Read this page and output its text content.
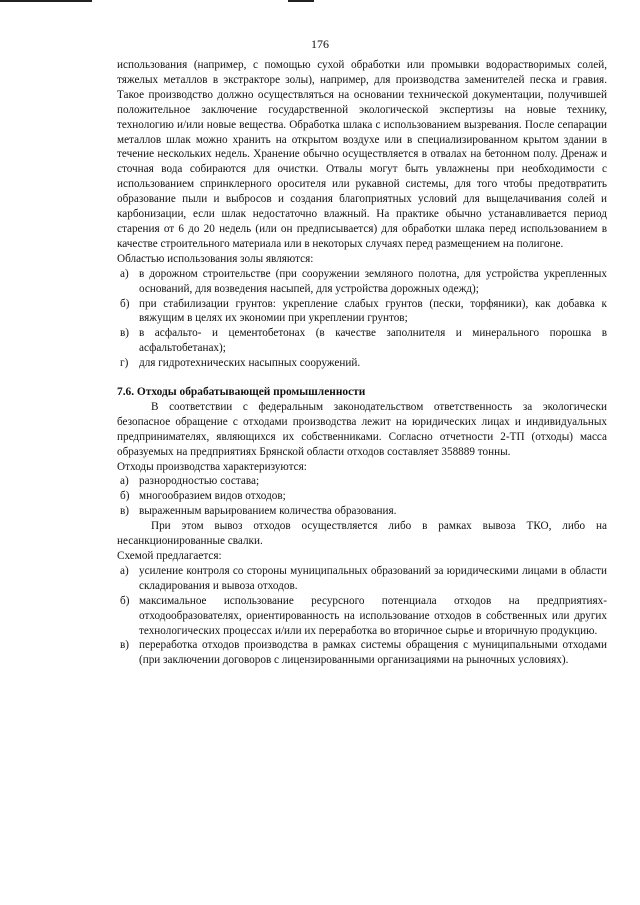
176

использования (например, с помощью сухой обработки или промывки водорастворимых солей, тяжелых металлов в экстракторе золы), например, для производства заменителей песка и гравия. Такое производство должно осуществляться на основании технической документации, получившей положительное заключение государственной экологической экспертизы на новые технику, технологию и/или новые вещества. Обработка шлака с использованием вызревания. После сепарации металлов шлак можно хранить на открытом воздухе или в специализированном крытом здании в течение нескольких недель. Хранение обычно осуществляется в отвалах на бетонном полу. Дренаж и сточная вода собираются для очистки. Отвалы могут быть увлажнены при необходимости с использованием спринклерного оросителя или рукавной системы, для того чтобы предотвратить образование пыли и выбросов и создания благоприятных условий для выщелачивания солей и карбонизации, если шлак недостаточно влажный. На практике обычно устанавливается период старения от 6 до 20 недель (или он предписывается) для обработки шлака перед использованием в качестве строительного материала или в некоторых случаях перед размещением на полигоне.

Областью использования золы являются:

а) в дорожном строительстве (при сооружении земляного полотна, для устройства укрепленных оснований, для возведения насыпей, для устройства дорожных одежд);
б) при стабилизации грунтов: укрепление слабых грунтов (пески, торфяники), как добавка к вяжущим в целях их экономии при укреплении грунтов;
в) в асфальто- и цементобетонах (в качестве заполнителя и минерального порошка в асфальтобетанах);
г) для гидротехнических насыпных сооружений.
7.6. Отходы обрабатывающей промышленности

В соответствии с федеральным законодательством ответственность за экологически безопасное обращение с отходами производства лежит на юридических лицах и индивидуальных предпринимателях, являющихся их собственниками. Согласно отчетности 2-ТП (отходы) масса образуемых на предприятиях Брянской области отходов составляет 358889 тонны.

Отходы производства характеризуются:

а) разнородностью состава;
б) многообразием видов отходов;
в) выраженным варьированием количества образования.

При этом вывоз отходов осуществляется либо в рамках вывоза ТКО, либо на несанкционированные свалки.

Схемой предлагается:

а) усиление контроля со стороны муниципальных образований за юридическими лицами в области складирования и вывоза отходов.
б) максимальное использование ресурсного потенциала отходов на предприятиях-отходообразователях, ориентированность на использование отходов в собственных или других технологических процессах и/или их переработка во вторичное сырье и вторичную продукцию.
в) переработка отходов производства в рамках системы обращения с муниципальными отходами (при заключении договоров с лицензированными организациями на рыночных условиях).
